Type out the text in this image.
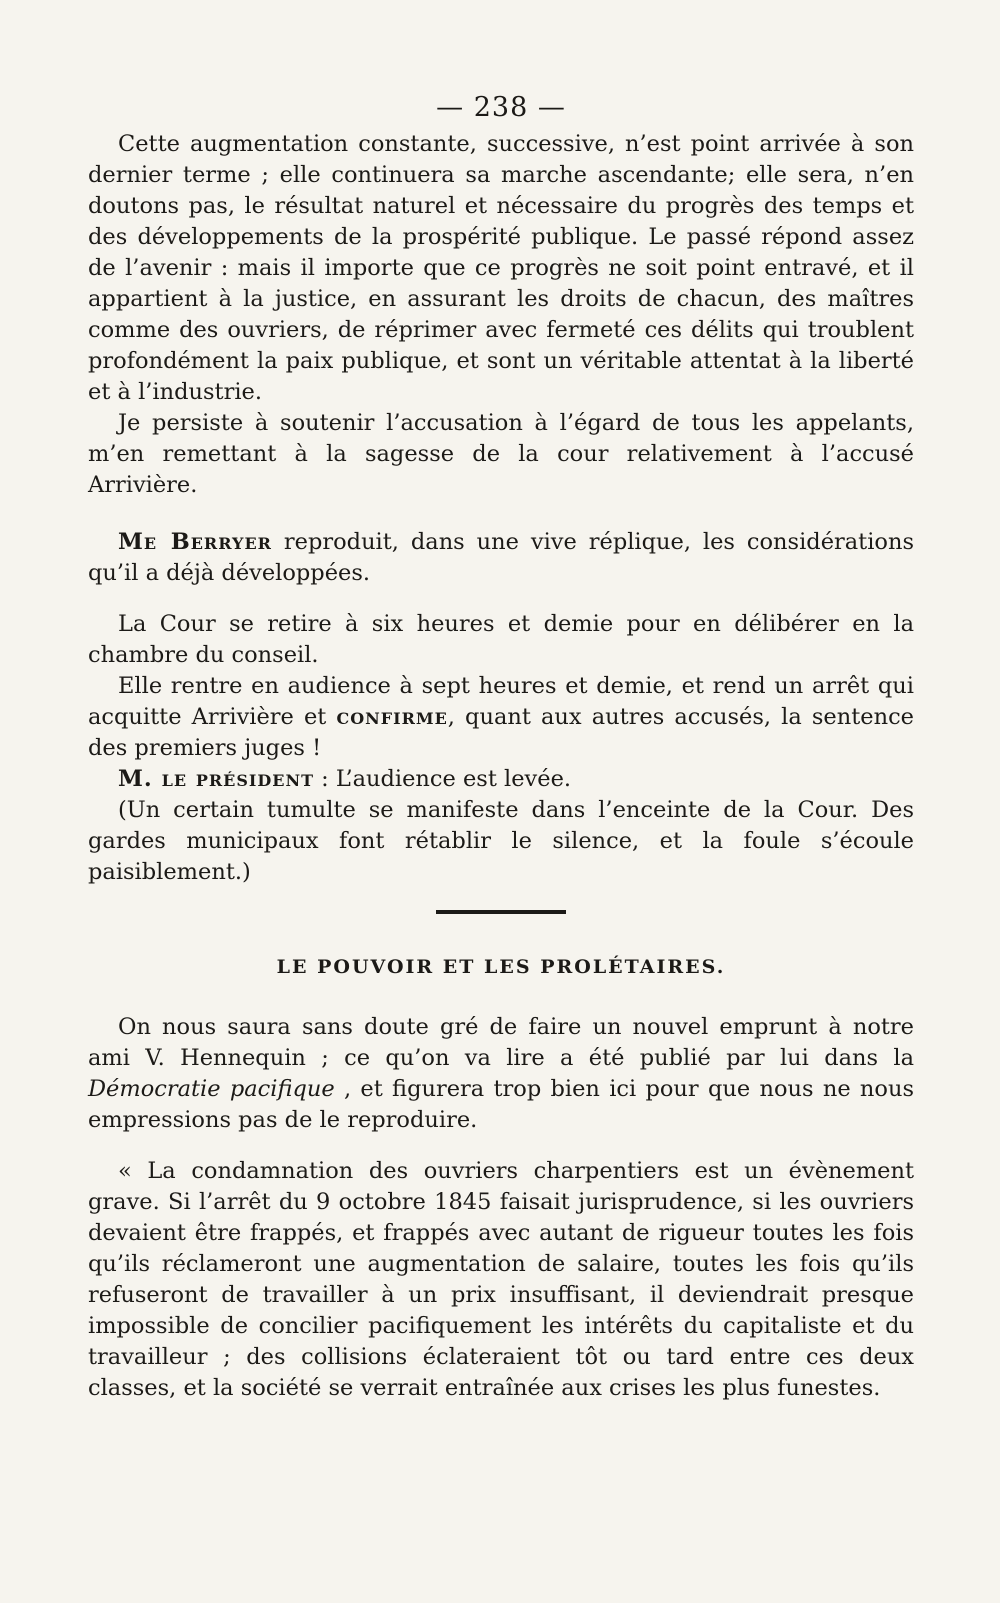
— 238 —

Cette augmentation constante, successive, n’est point arrivée à son dernier terme ; elle continuera sa marche ascendante; elle sera, n’en doutons pas, le résultat naturel et nécessaire du progrès des temps et des développements de la prospérité publique. Le passé répond assez de l’avenir : mais il importe que ce progrès ne soit point entravé, et il appartient à la justice, en assurant les droits de chacun, des maîtres comme des ouvriers, de réprimer avec fermeté ces délits qui troublent profondément la paix publique, et sont un véritable attentat à la liberté et à l’industrie.

Je persiste à soutenir l’accusation à l’égard de tous les appelants, m’en remettant à la sagesse de la cour relativement à l’accusé Arrivière.

Me Berryer reproduit, dans une vive réplique, les considérations qu’il a déjà développées.

La Cour se retire à six heures et demie pour en délibérer en la chambre du conseil.

Elle rentre en audience à sept heures et demie, et rend un arrêt qui acquitte Arrivière et confirme, quant aux autres accusés, la sentence des premiers juges !

M. le président : L’audience est levée.

(Un certain tumulte se manifeste dans l’enceinte de la Cour. Des gardes municipaux font rétablir le silence, et la foule s’écoule paisiblement.)

LE POUVOIR ET LES PROLÉTAIRES.

On nous saura sans doute gré de faire un nouvel emprunt à notre ami V. Hennequin ; ce qu’on va lire a été publié par lui dans la Démocratie pacifique , et figurera trop bien ici pour que nous ne nous empressions pas de le reproduire.

« La condamnation des ouvriers charpentiers est un évènement grave. Si l’arrêt du 9 octobre 1845 faisait jurisprudence, si les ouvriers devaient être frappés, et frappés avec autant de rigueur toutes les fois qu’ils réclameront une augmentation de salaire, toutes les fois qu’ils refuseront de travailler à un prix insuffisant, il deviendrait presque impossible de concilier pacifiquement les intérêts du capitaliste et du travailleur ; des collisions éclateraient tôt ou tard entre ces deux classes, et la société se verrait entraînée aux crises les plus funestes.
